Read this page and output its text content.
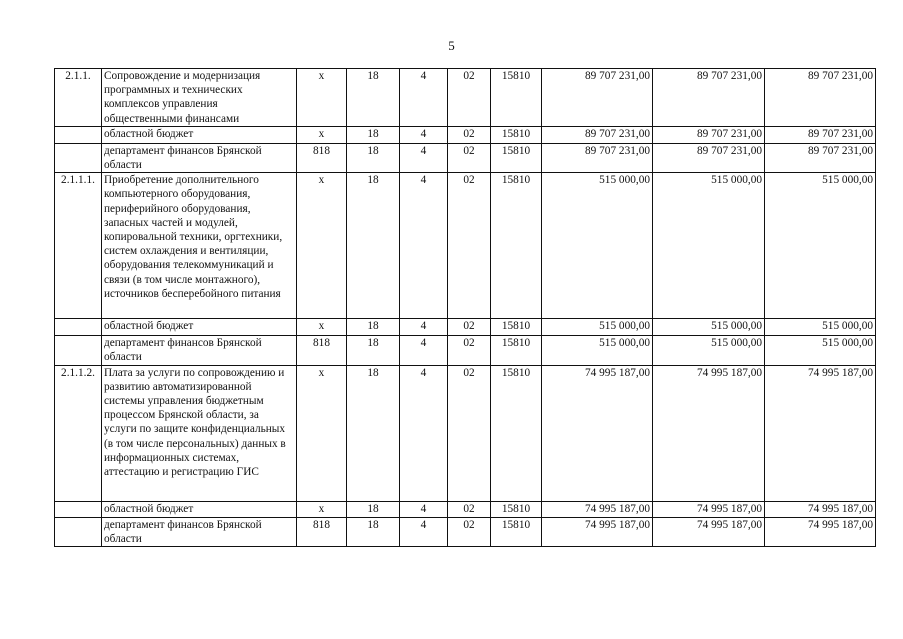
5
2.1.1.	Сопровождение и модернизация программных и технических комплексов управления общественными финансами	х	18	4	02	15810	89 707 231,00	89 707 231,00	89 707 231,00
	областной бюджет	х	18	4	02	15810	89 707 231,00	89 707 231,00	89 707 231,00
	департамент финансов Брянской области	818	18	4	02	15810	89 707 231,00	89 707 231,00	89 707 231,00
2.1.1.1.	Приобретение дополнительного компьютерного оборудования, периферийного оборудования, запасных частей и модулей, копировальной техники, оргтехники, систем охлаждения и вентиляции, оборудования телекоммуникаций и связи (в том числе монтажного), источников бесперебойного питания	х	18	4	02	15810	515 000,00	515 000,00	515 000,00
	областной бюджет	х	18	4	02	15810	515 000,00	515 000,00	515 000,00
	департамент финансов Брянской области	818	18	4	02	15810	515 000,00	515 000,00	515 000,00
2.1.1.2.	Плата за услуги по сопровождению и развитию автоматизированной системы управления бюджетным процессом Брянской области, за услуги по защите конфиденциальных (в том числе персональных) данных в информационных системах, аттестацию и регистрацию ГИС	х	18	4	02	15810	74 995 187,00	74 995 187,00	74 995 187,00
	областной бюджет	х	18	4	02	15810	74 995 187,00	74 995 187,00	74 995 187,00
	департамент финансов Брянской области	818	18	4	02	15810	74 995 187,00	74 995 187,00	74 995 187,00
